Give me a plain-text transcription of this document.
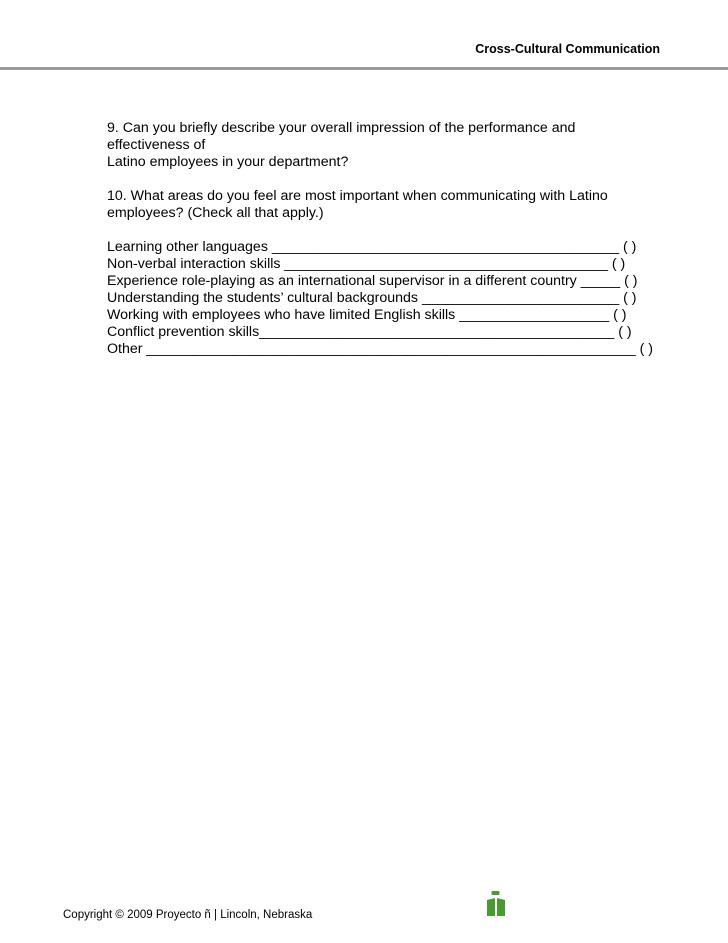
Cross-Cultural Communication

9. Can you briefly describe your overall impression of the performance and

effectiveness of

Latino employees in your department?

10. What areas do you feel are most important when communicating with Latino

employees? (Check all that apply.)

Learning other languages ____________________________________________ ( )
Non-verbal interaction skills _________________________________________ ( )
Experience role-playing as an international supervisor in a different country _____ ( )
Understanding the students’ cultural backgrounds _________________________ ( )
Working with employees who have limited English skills ___________________ ( )
Conflict prevention skills_____________________________________________ ( )
Other ______________________________________________________________ ( )
Copyright © 2009 Proyecto ñ | Lincoln, Nebraska
